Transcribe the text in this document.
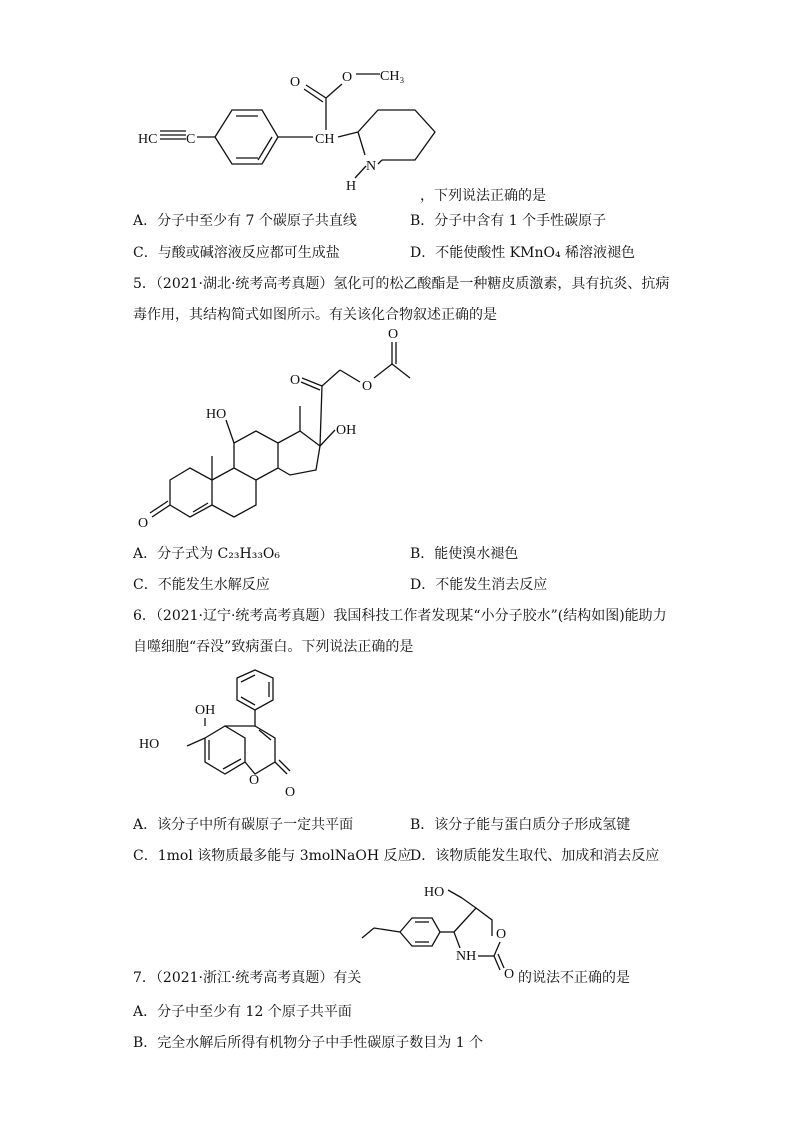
HC C	CH
O	O CH₃
N
H
，下列说法正确的是
A．分子中至少有 7 个碳原子共直线	B．分子中含有 1 个手性碳原子
C．与酸或碱溶液反应都可生成盐	D．不能使酸性 KMnO₄ 稀溶液褪色
5．（2021·湖北·统考高考真题）氢化可的松乙酸酯是一种糖皮质激素，具有抗炎、抗病
毒作用，其结构简式如图所示。有关该化合物叙述正确的是
O
HO
OH
O	O
O
A．分子式为 C₂₃H₃₃O₆	B．能使溴水褪色
C．不能发生水解反应	D．不能发生消去反应
6．（2021·辽宁·统考高考真题）我国科技工作者发现某“小分子胶水”(结构如图)能助力
自噬细胞“吞没”致病蛋白。下列说法正确的是
O
O
OH
HO
A．该分子中所有碳原子一定共平面	B．该分子能与蛋白质分子形成氢键
C．1mol 该物质最多能与 3molNaOH 反应
D．该物质能发生取代、加成和消去反应
HO
O
NH
O
7．（2021·浙江·统考高考真题）有关	的说法不正确的是
A．分子中至少有 12 个原子共平面
B．完全水解后所得有机物分子中手性碳原子数目为 1 个
